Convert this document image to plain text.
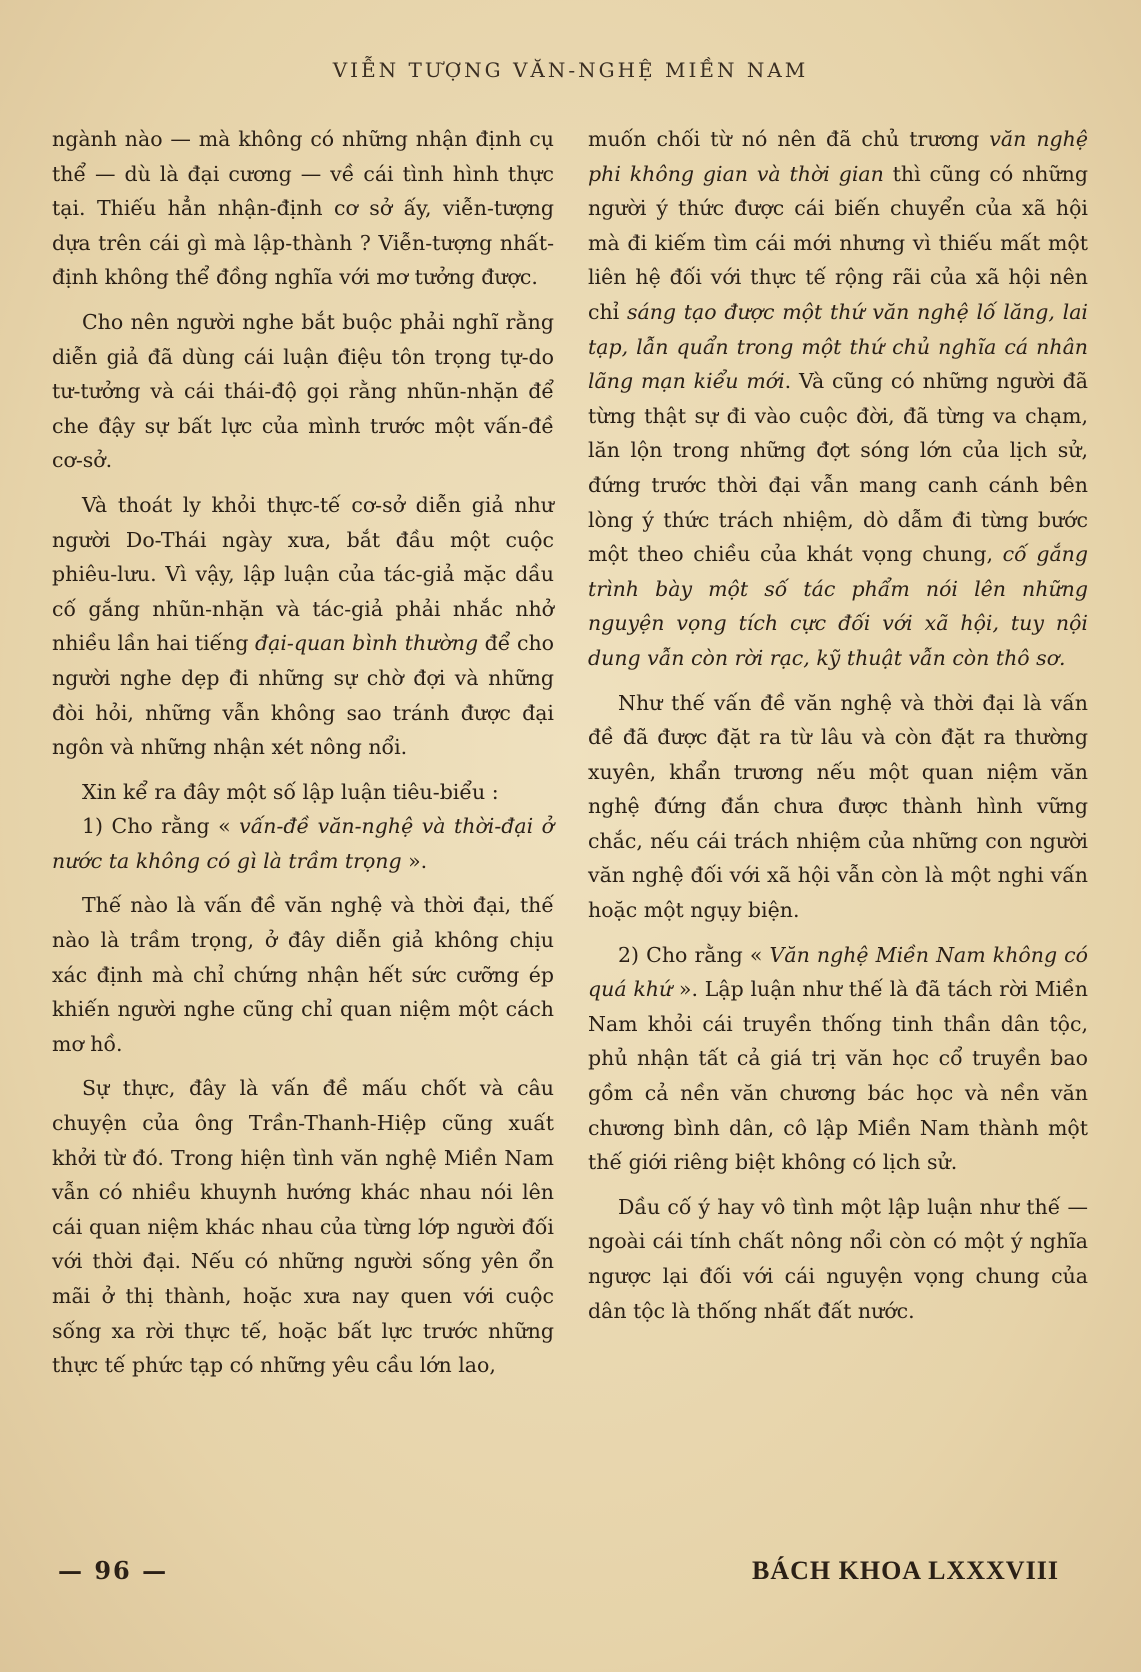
VIỄN TƯỢNG VĂN-NGHỆ MIỀN NAM

ngành nào — mà không có những nhận định cụ thể — dù là đại cương — về cái tình hình thực tại. Thiếu hẳn nhận-định cơ sở ấy, viễn-tượng dựa trên cái gì mà lập-thành ? Viễn-tượng nhất-định không thể đồng nghĩa với mơ tưởng được.

Cho nên người nghe bắt buộc phải nghĩ rằng diễn giả đã dùng cái luận điệu tôn trọng tự-do tư-tưởng và cái thái-độ gọi rằng nhũn-nhặn để che đậy sự bất lực của mình trước một vấn-đề cơ-sở.

Và thoát ly khỏi thực-tế cơ-sở diễn giả như người Do-Thái ngày xưa, bắt đầu một cuộc phiêu-lưu. Vì vậy, lập luận của tác-giả mặc dầu cố gắng nhũn-nhặn và tác-giả phải nhắc nhở nhiều lần hai tiếng đại-quan bình thường để cho người nghe dẹp đi những sự chờ đợi và những đòi hỏi, những vẫn không sao tránh được đại ngôn và những nhận xét nông nổi.

Xin kể ra đây một số lập luận tiêu-biểu :

1) Cho rằng « vấn-đề văn-nghệ và thời-đại ở nước ta không có gì là trầm trọng ».

Thế nào là vấn đề văn nghệ và thời đại, thế nào là trầm trọng, ở đây diễn giả không chịu xác định mà chỉ chứng nhận hết sức cưỡng ép khiến người nghe cũng chỉ quan niệm một cách mơ hồ.

Sự thực, đây là vấn đề mấu chốt và câu chuyện của ông Trần-Thanh-Hiệp cũng xuất khởi từ đó. Trong hiện tình văn nghệ Miền Nam vẫn có nhiều khuynh hướng khác nhau nói lên cái quan niệm khác nhau của từng lớp người đối với thời đại. Nếu có những người sống yên ổn mãi ở thị thành, hoặc xưa nay quen với cuộc sống xa rời thực tế, hoặc bất lực trước những thực tế phức tạp có những yêu cầu lớn lao,

muốn chối từ nó nên đã chủ trương văn nghệ phi không gian và thời gian thì cũng có những người ý thức được cái biến chuyển của xã hội mà đi kiếm tìm cái mới nhưng vì thiếu mất một liên hệ đối với thực tế rộng rãi của xã hội nên chỉ sáng tạo được một thứ văn nghệ lố lăng, lai tạp, lẫn quẩn trong một thứ chủ nghĩa cá nhân lãng mạn kiểu mới. Và cũng có những người đã từng thật sự đi vào cuộc đời, đã từng va chạm, lăn lộn trong những đợt sóng lớn của lịch sử, đứng trước thời đại vẫn mang canh cánh bên lòng ý thức trách nhiệm, dò dẫm đi từng bước một theo chiều của khát vọng chung, cố gắng trình bày một số tác phẩm nói lên những nguyện vọng tích cực đối với xã hội, tuy nội dung vẫn còn rời rạc, kỹ thuật vẫn còn thô sơ.

Như thế vấn đề văn nghệ và thời đại là vấn đề đã được đặt ra từ lâu và còn đặt ra thường xuyên, khẩn trương nếu một quan niệm văn nghệ đứng đắn chưa được thành hình vững chắc, nếu cái trách nhiệm của những con người văn nghệ đối với xã hội vẫn còn là một nghi vấn hoặc một ngụy biện.

2) Cho rằng « Văn nghệ Miền Nam không có quá khứ ». Lập luận như thế là đã tách rời Miền Nam khỏi cái truyền thống tinh thần dân tộc, phủ nhận tất cả giá trị văn học cổ truyền bao gồm cả nền văn chương bác học và nền văn chương bình dân, cô lập Miền Nam thành một thế giới riêng biệt không có lịch sử.

Dầu cố ý hay vô tình một lập luận như thế — ngoài cái tính chất nông nổi còn có một ý nghĩa ngược lại đối với cái nguyện vọng chung của dân tộc là thống nhất đất nước.

— 96 —	BÁCH KHOA LXXXVIII
